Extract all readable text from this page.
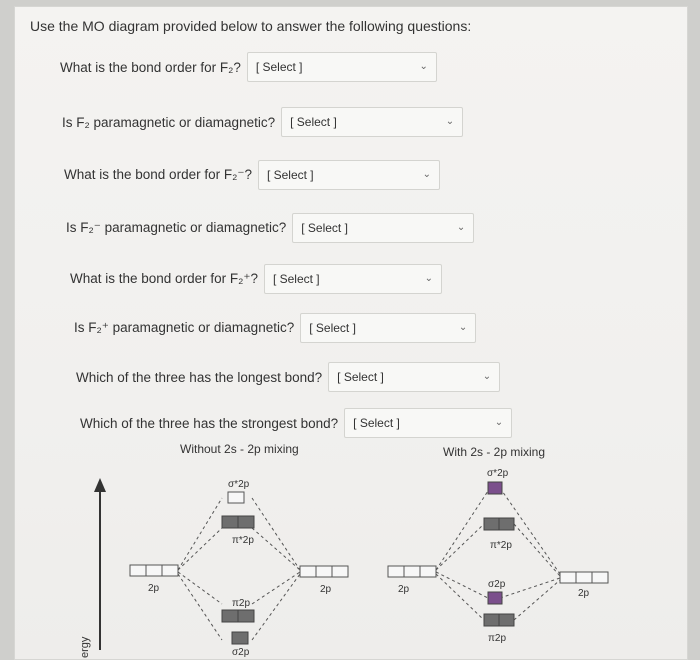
Use the MO diagram provided below to answer the following questions:
What is the bond order for F₂? [ Select ]	⌄
Is F₂ paramagnetic or diamagnetic? [ Select ]	⌄
What is the bond order for F₂⁻? [ Select ]	⌄
Is F₂⁻ paramagnetic or diamagnetic? [ Select ]	⌄
What is the bond order for F₂⁺? [ Select ]	⌄
Is F₂⁺ paramagnetic or diamagnetic? [ Select ]	⌄
Which of the three has the longest bond? [ Select ]	⌄
Which of the three has the strongest bond? [ Select ]	⌄
Without 2s - 2p mixing	With 2s - 2p mixing
ergy
2p	2p
σ*2p
π*2p
π2p
σ2p
2p	2p
σ*2p
π*2p
σ2p
π2p
